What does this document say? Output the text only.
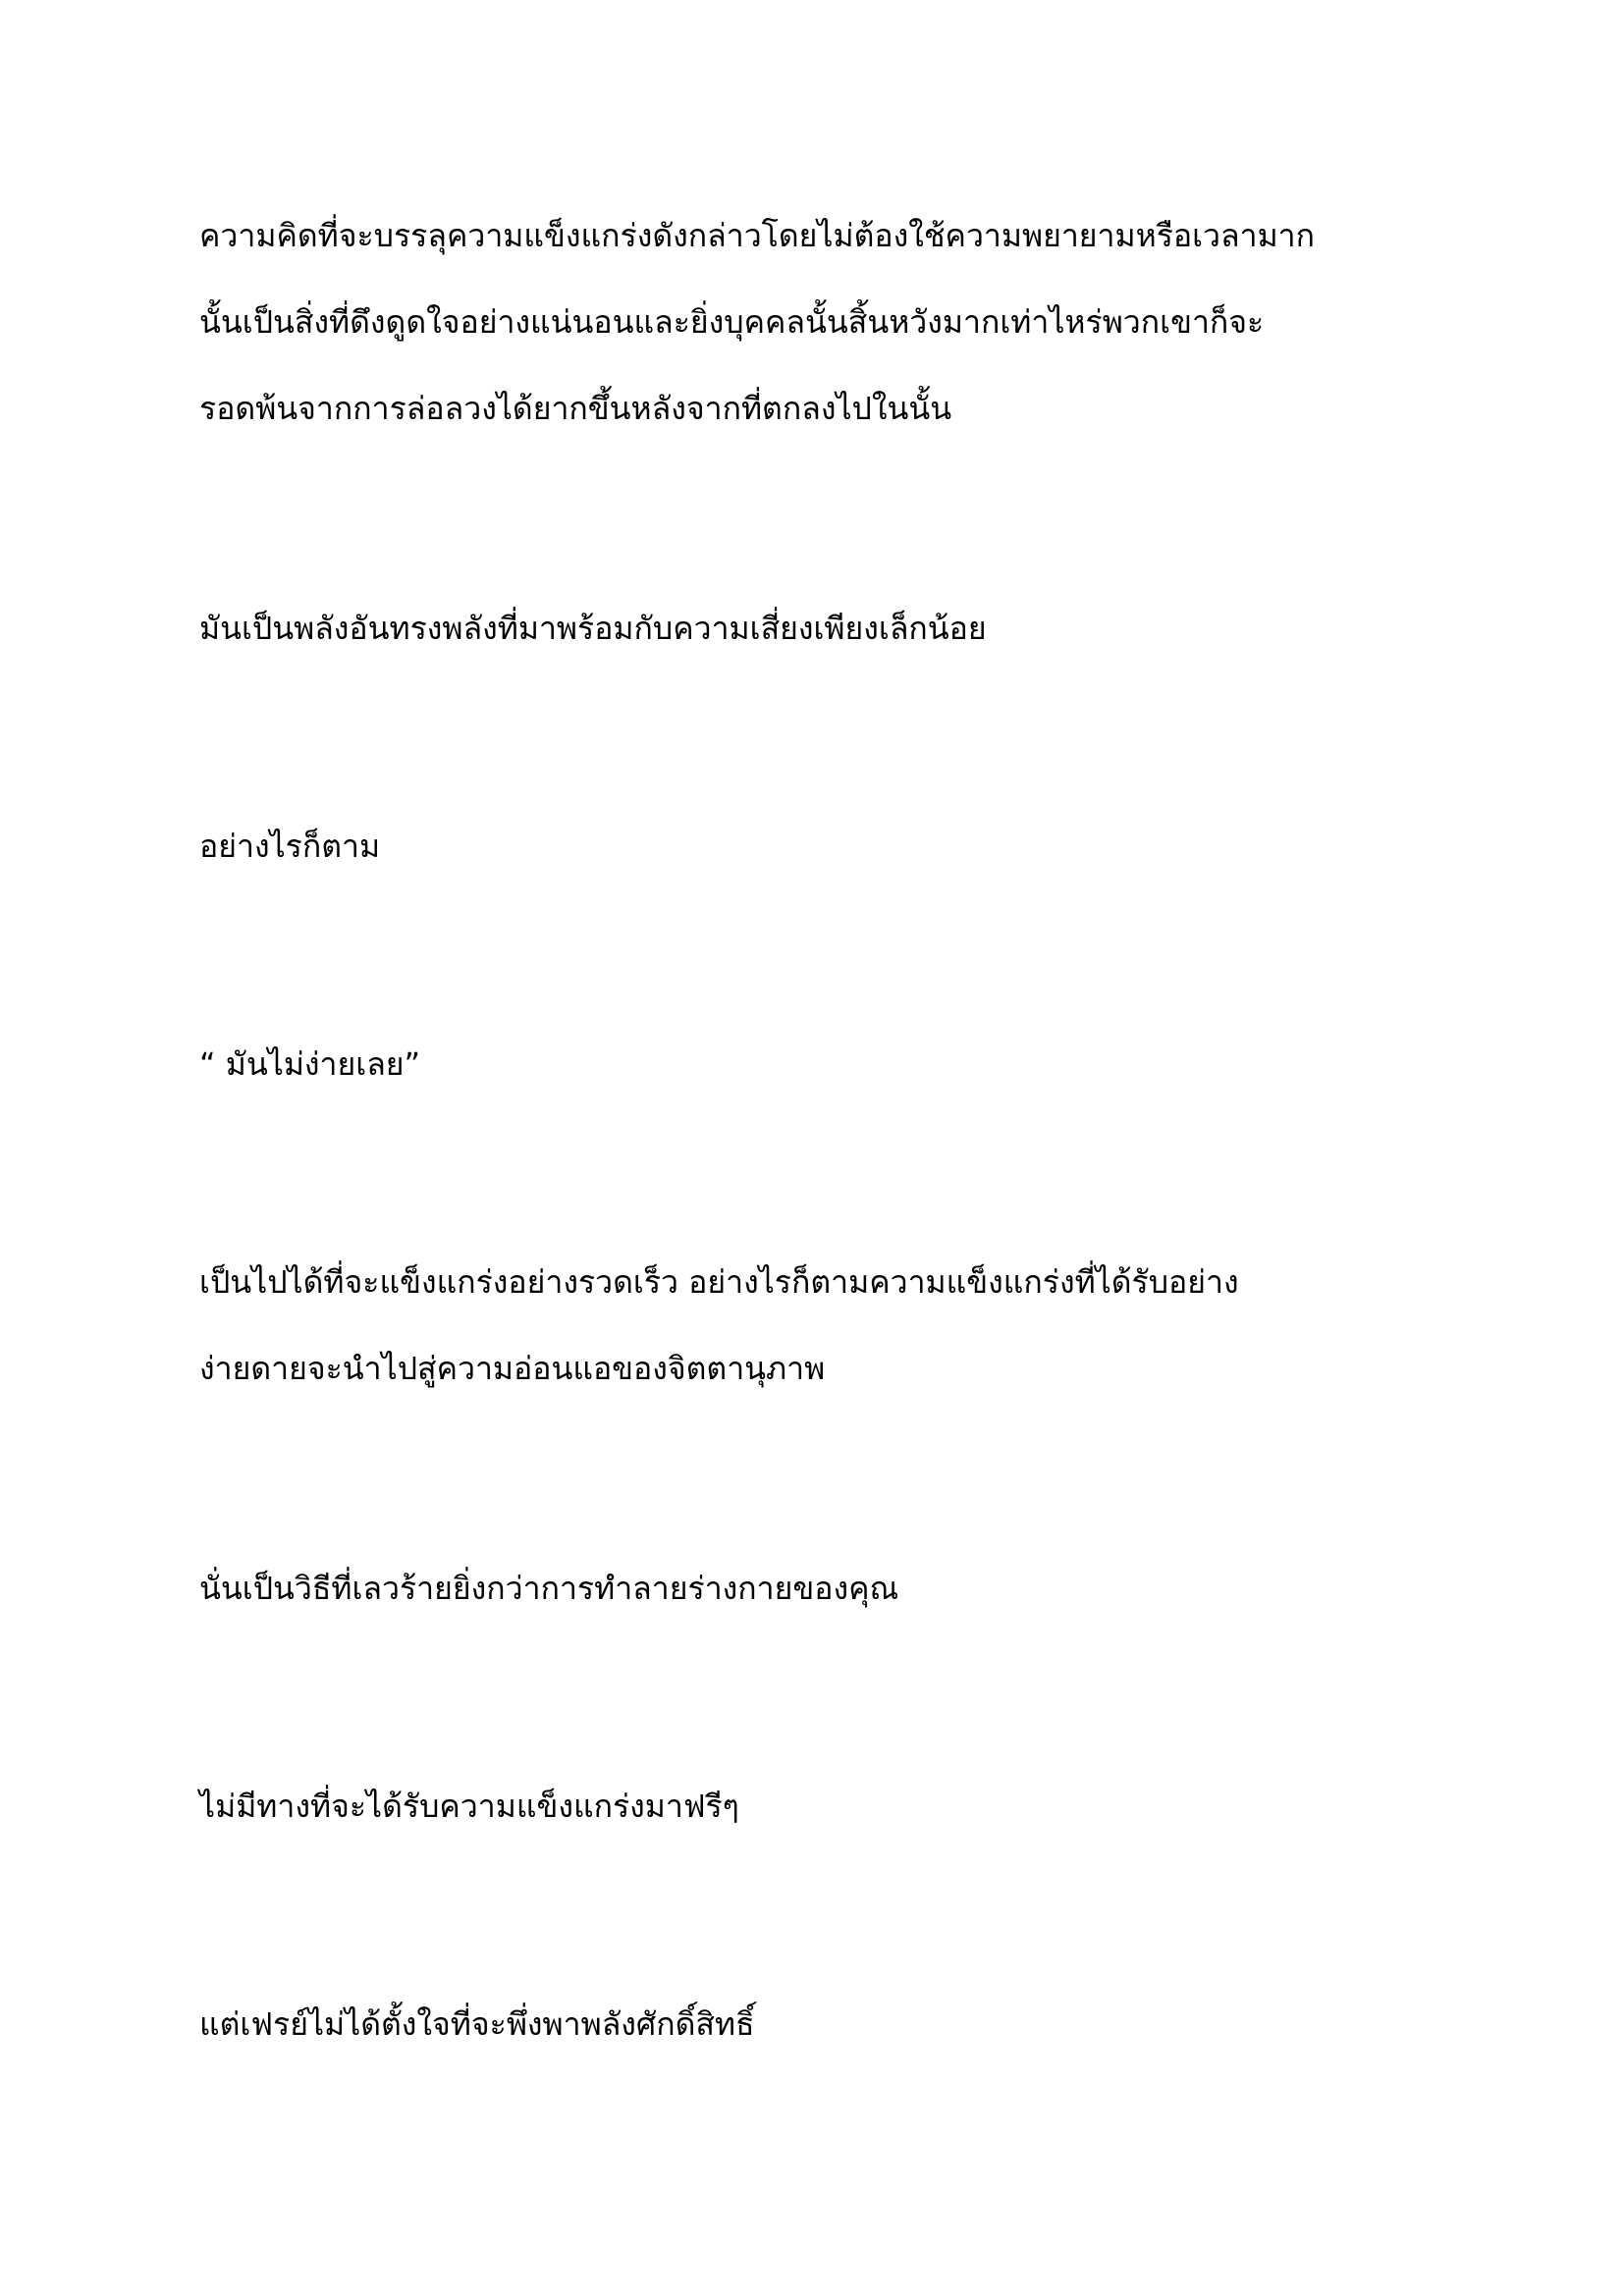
ความคิดที่จะบรรลุความแข็งแกร่งดังกล่าวโดยไม่ต้องใช้ความพยายามหรือเวลามาก
นั้นเป็นสิ่งที่ดึงดูดใจอย่างแน่นอนและยิ่งบุคคลนั้นสิ้นหวังมากเท่าไหร่พวกเขาก็จะ
รอดพ้นจากการล่อลวงได้ยากขึ้นหลังจากที่ตกลงไปในนั้น

มันเป็นพลังอันทรงพลังที่มาพร้อมกับความเสี่ยงเพียงเล็กน้อย

อย่างไรก็ตาม

“ มันไม่ง่ายเลย”

เป็นไปได้ที่จะแข็งแกร่งอย่างรวดเร็ว อย่างไรก็ตามความแข็งแกร่งที่ได้รับอย่าง
ง่ายดายจะนำไปสู่ความอ่อนแอของจิตตานุภาพ

นั่นเป็นวิธีที่เลวร้ายยิ่งกว่าการทำลายร่างกายของคุณ

ไม่มีทางที่จะได้รับความแข็งแกร่งมาฟรีๆ

แต่เฟรย์ไม่ได้ตั้งใจที่จะพึ่งพาพลังศักดิ์สิทธิ์
